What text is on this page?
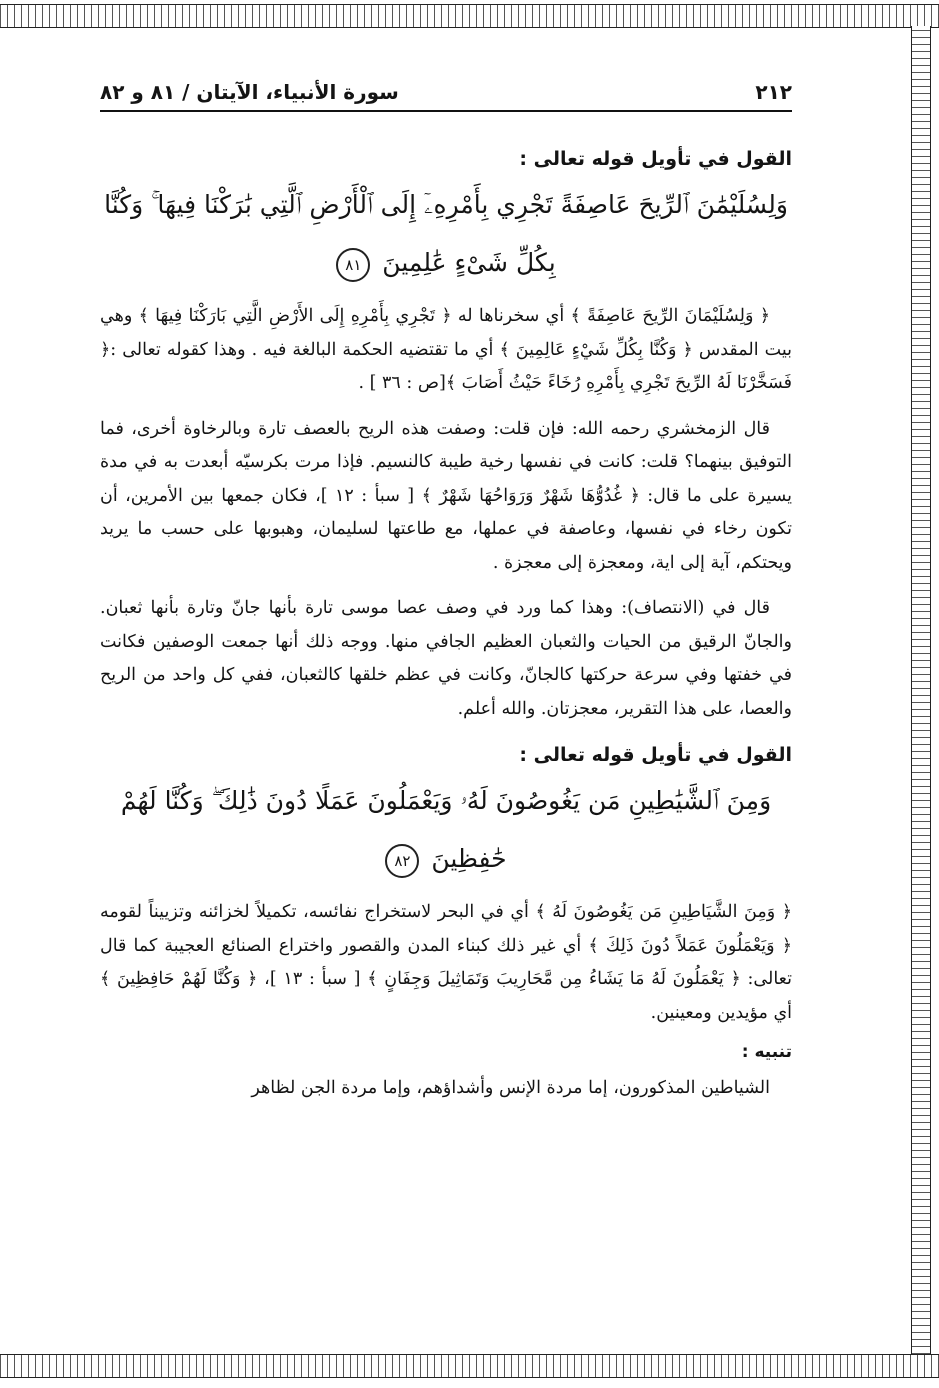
٢١٢
سورة الأنبياء، الآيتان / ٨١ و ٨٢
القول في تأويل قوله تعالى :
وَلِسُلَيْمَٰنَ ٱلرِّيحَ عَاصِفَةً تَجْرِي بِأَمْرِهِۦٓ إِلَى ٱلْأَرْضِ ٱلَّتِي بَٰرَكْنَا فِيهَا ۚ وَكُنَّا بِكُلِّ شَىْءٍ عَٰلِمِينَ ٨١

﴿ وَلِسُلَيْمَانَ الرِّيحَ عَاصِفَةً ﴾ أي سخرناها له ﴿ تَجْرِي بِأَمْرِهِ إِلَى الأَرْضِ الَّتِي بَارَكْنَا فِيهَا ﴾ وهي بيت المقدس ﴿ وَكُنَّا بِكُلِّ شَيْءٍ عَالِمِينَ ﴾ أي ما تقتضيه الحكمة البالغة فيه . وهذا كقوله تعالى :﴿ فَسَخَّرْنَا لَهُ الرِّيحَ تَجْرِي بِأَمْرِهِ رُخَاءً حَيْثُ أَصَابَ ﴾[ص : ٣٦ ] .

قال الزمخشري رحمه الله: فإن قلت: وصفت هذه الريح بالعصف تارة وبالرخاوة أخرى، فما التوفيق بينهما؟ قلت: كانت في نفسها رخية طيبة كالنسيم. فإذا مرت بكرسيّه أبعدت به في مدة يسيرة على ما قال: ﴿ غُدُوُّهَا شَهْرٌ وَرَوَاحُهَا شَهْرٌ ﴾ [ سبأ : ١٢ ]، فكان جمعها بين الأمرين، أن تكون رخاء في نفسها، وعاصفة في عملها، مع طاعتها لسليمان، وهبوبها على حسب ما يريد ويحتكم، آية إلى اية، ومعجزة إلى معجزة .

قال في (الانتصاف): وهذا كما ورد في وصف عصا موسى تارة بأنها جانّ وتارة بأنها ثعبان. والجانّ الرقيق من الحيات والثعبان العظيم الجافي منها. ووجه ذلك أنها جمعت الوصفين فكانت في خفتها وفي سرعة حركتها كالجانّ، وكانت في عظم خلقها كالثعبان، ففي كل واحد من الريح والعصا، على هذا التقرير، معجزتان. والله أعلم.

القول في تأويل قوله تعالى :
وَمِنَ ٱلشَّيَٰطِينِ مَن يَغُوصُونَ لَهُۥ وَيَعْمَلُونَ عَمَلًا دُونَ ذَٰلِكَ ۖ وَكُنَّا لَهُمْ حَٰفِظِينَ ٨٢

﴿ وَمِنَ الشَّيَاطِينِ مَن يَغُوصُونَ لَهُ ﴾ أي في البحر لاستخراج نفائسه، تكميلاً لخزائنه وتزييناً لقومه ﴿ وَيَعْمَلُونَ عَمَلاً دُونَ ذَلِكَ ﴾ أي غير ذلك كبناء المدن والقصور واختراع الصنائع العجيبة كما قال تعالى: ﴿ يَعْمَلُونَ لَهُ مَا يَشَاءُ مِن مَّحَارِيبَ وَتَمَاثِيلَ وَجِفَانٍ ﴾ [ سبأ : ١٣ ]، ﴿ وَكُنَّا لَهُمْ حَافِظِينَ ﴾ أي مؤيدين ومعينين.

تنبيه :

الشياطين المذكورون، إما مردة الإنس وأشداؤهم، وإما مردة الجن لظاهر
